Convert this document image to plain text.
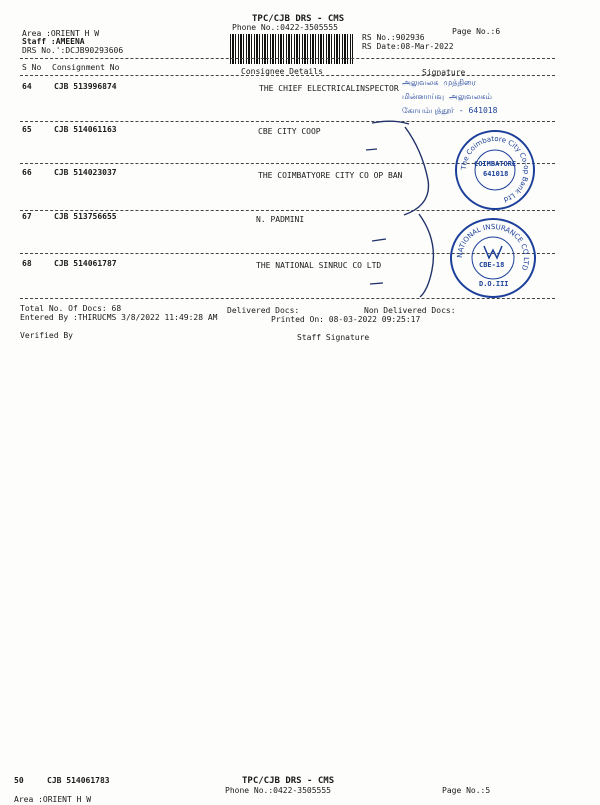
TPC/CJB DRS - CMS
Phone No.:0422-3505555	Page No.:6
Area :ORIENT H W
Staff :AMEENA
DRS No.':DCJB90293606
RS No.:902936
RS Date:08-Mar-2022
S No Consignment No	Consignee Details	Signature
64	CJB 513996874	THE CHIEF ELECTRICALINSPECTOR
65	CJB 514061163	CBE CITY COOP
66	CJB 514023037	THE COIMBATYORE CITY CO OP BAN
67	CJB 513756655	N. PADMINI
68	CJB 514061787	THE NATIONAL SINRUC CO LTD
அலுவலக முத்திரை
மின்னாய்வு அலுவலகம்
கோயம்புத்தூர் - 641018
The Coimbatore City Co-op Bank Ltd
COIMBATORE
641018
NATIONAL INSURANCE CO LTD
CBE-18
D.O.III
Total No. Of Docs: 68	Delivered Docs:	Non Delivered Docs:
Entered By :THIRUCMS 3/8/2022 11:49:28 AM	Printed On: 08-03-2022 09:25:17
Verified By	Staff Signature
50	CJB 514061783	TPC/CJB DRS - CMS
Phone No.:0422-3505555	Page No.:5
Area :ORIENT H W
